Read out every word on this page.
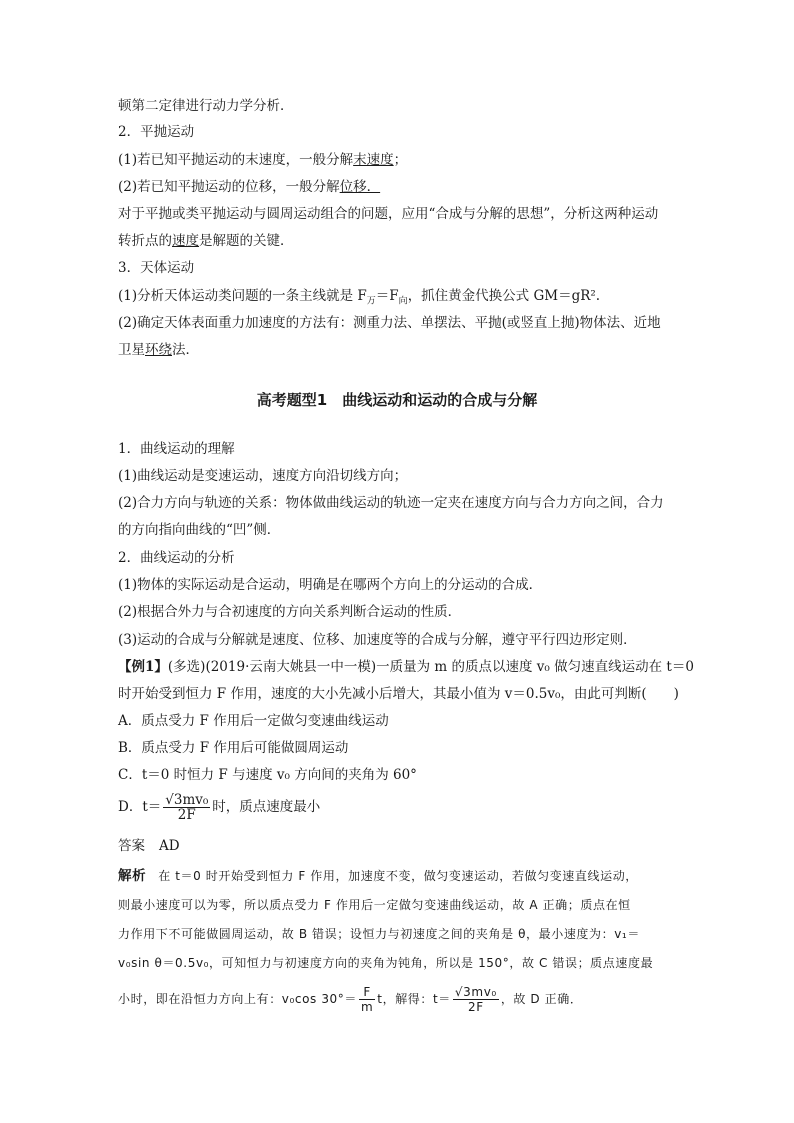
顿第二定律进行动力学分析．
2．平抛运动
(1)若已知平抛运动的末速度，一般分解末速度；
(2)若已知平抛运动的位移，一般分解位移．
对于平抛或类平抛运动与圆周运动组合的问题，应用“合成与分解的思想”，分析这两种运动
转折点的速度是解题的关键．
3．天体运动
(1)分析天体运动类问题的一条主线就是 $F_万=F_向$，抓住黄金代换公式 GM＝gR².
(2)确定天体表面重力加速度的方法有：测重力法、单摆法、平抛(或竖直上抛)物体法、近地
卫星环绕法．
高考题型1　曲线运动和运动的合成与分解
1．曲线运动的理解
(1)曲线运动是变速运动，速度方向沿切线方向；
(2)合力方向与轨迹的关系：物体做曲线运动的轨迹一定夹在速度方向与合力方向之间，合力
的方向指向曲线的“凹”侧．
2．曲线运动的分析
(1)物体的实际运动是合运动，明确是在哪两个方向上的分运动的合成．
(2)根据合外力与合初速度的方向关系判断合运动的性质．
(3)运动的合成与分解就是速度、位移、加速度等的合成与分解，遵守平行四边形定则．
【例1】(多选)(2019·云南大姚县一中一模)一质量为 m 的质点以速度 v₀ 做匀速直线运动在 t＝0
时开始受到恒力 F 作用，速度的大小先减小后增大，其最小值为 v＝0.5v₀，由此可判断(　　)
A．质点受力 F 作用后一定做匀变速曲线运动
B．质点受力 F 作用后可能做圆周运动
C．t＝0 时恒力 F 与速度 v₀ 方向间的夹角为 60°
D．$t= \frac{\text{√3mv₀}}{2F}$ 时，质点速度最小
答案 AD
解析 在 t＝0 时开始受到恒力 F 作用，加速度不变，做匀变速运动，若做匀变速直线运动，
则最小速度可以为零，所以质点受力 F 作用后一定做匀变速曲线运动，故 A 正确；质点在恒
力作用下不可能做圆周运动，故 B 错误；设恒力与初速度之间的夹角是 θ，最小速度为：v₁＝
v₀sin θ＝0.5v₀，可知恒力与初速度方向的夹角为钝角，所以是 150°，故 C 错误；质点速度最
小时，即在沿恒力方向上有：v₀cos $30^\circ= \frac{F}{m}$ t，解得：$t= \frac{\text{√3mv₀}}{2F}$ ，故 D 正确．
